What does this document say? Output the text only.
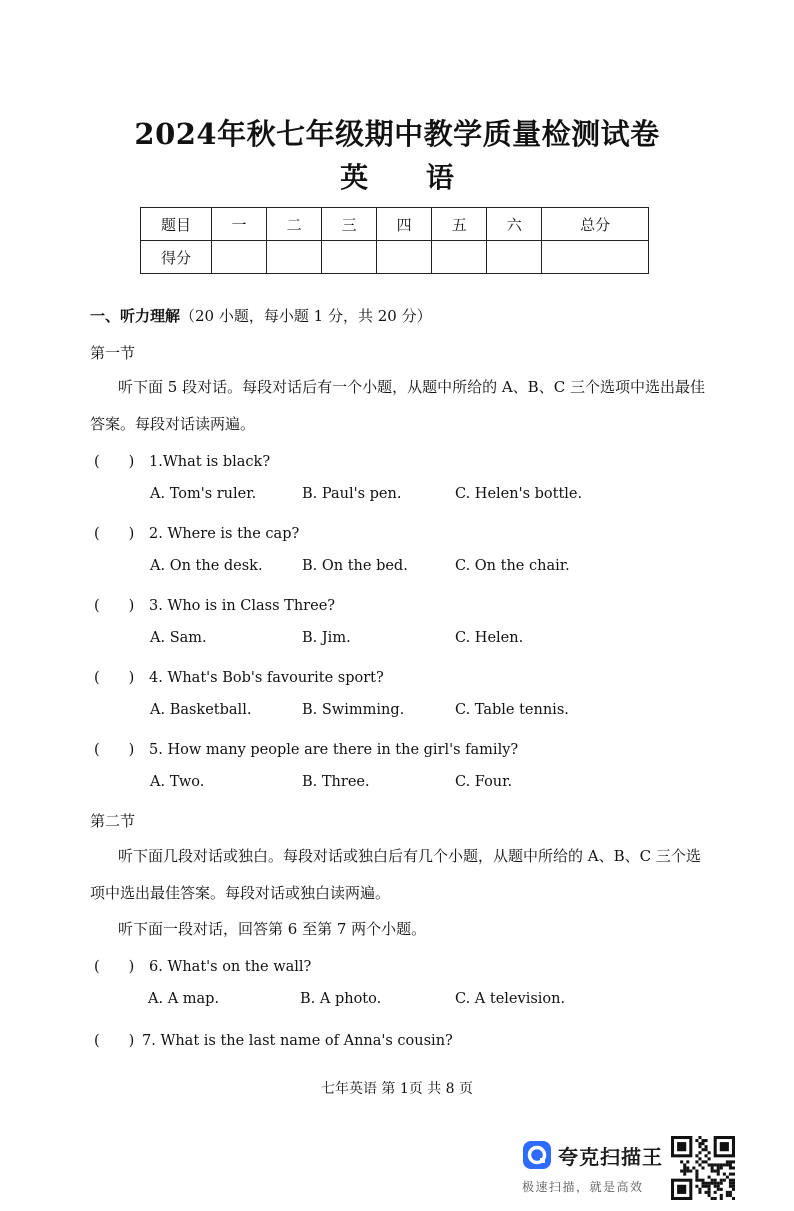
2024年秋七年级期中教学质量检测试卷
英 语
题目	一	二	三	四	五	六	总分
得分							
一、听力理解（20 小题，每小题 1 分，共 20 分）
第一节
听下面 5 段对话。每段对话后有一个小题，从题中所给的 A、B、C 三个选项中选出最佳
答案。每段对话读两遍。
(　　) 1.What is black?
A. Tom's ruler.	B. Paul's pen.	C. Helen's bottle.
(　　) 2. Where is the cap?
A. On the desk.	B. On the bed.	C. On the chair.
(　　) 3. Who is in Class Three?
A. Sam.	B. Jim.	C. Helen.
(　　) 4. What's Bob's favourite sport?
A. Basketball.	B. Swimming.	C. Table tennis.
(　　) 5. How many people are there in the girl's family?
A. Two.	B. Three.	C. Four.
第二节
听下面几段对话或独白。每段对话或独白后有几个小题，从题中所给的 A、B、C 三个选
项中选出最佳答案。每段对话或独白读两遍。
听下面一段对话，回答第 6 至第 7 两个小题。
(　　) 6. What's on the wall?
A. A map.	B. A photo.	C. A television.
(　　) 7. What is the last name of Anna's cousin?
七年英语 第 1页 共 8 页
夸克扫描王
极速扫描，就是高效
